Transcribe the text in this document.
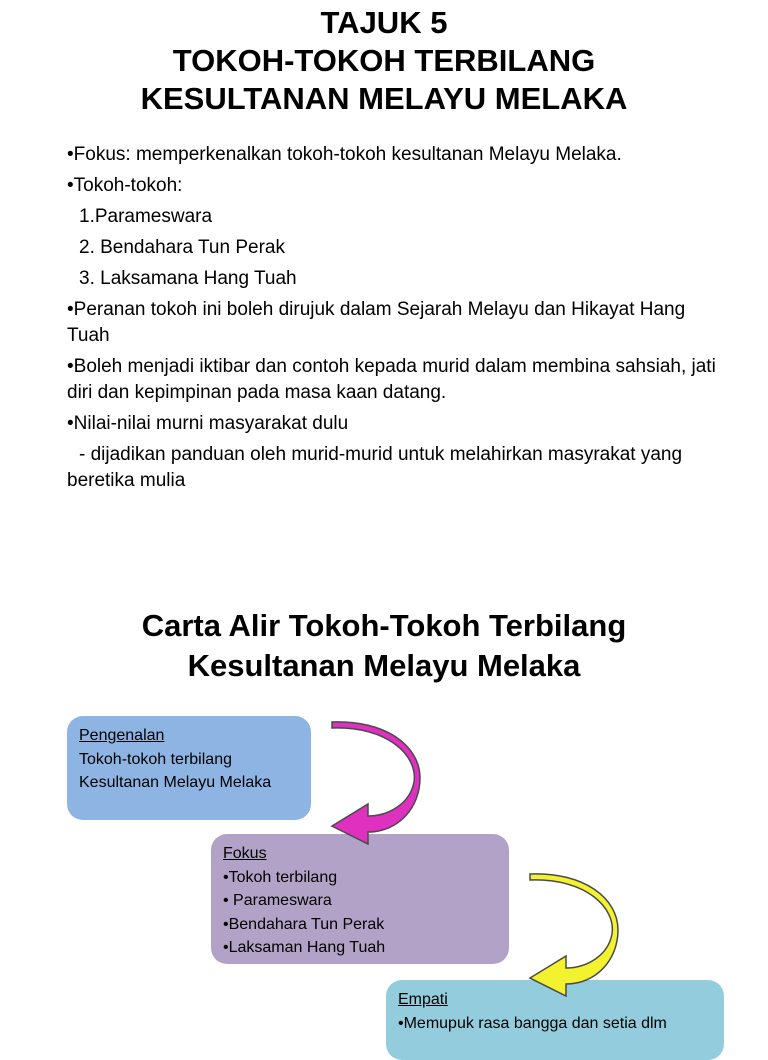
TAJUK 5
TOKOH-TOKOH TERBILANG
KESULTANAN MELAYU MELAKA

•Fokus: memperkenalkan tokoh-tokoh kesultanan Melayu Melaka.

•Tokoh-tokoh:

1.Parameswara

2. Bendahara Tun Perak

3. Laksamana Hang Tuah

•Peranan tokoh ini boleh dirujuk dalam Sejarah Melayu dan Hikayat Hang Tuah

•Boleh menjadi iktibar dan contoh kepada murid dalam membina sahsiah, jati diri dan kepimpinan pada masa kaan datang.

•Nilai-nilai murni masyarakat dulu

- dijadikan panduan oleh murid-murid untuk melahirkan masyrakat yang beretika mulia

Carta Alir Tokoh-Tokoh Terbilang
Kesultanan Melayu Melaka
Pengenalan
Tokoh-tokoh terbilang
Kesultanan Melayu Melaka
Fokus
•Tokoh terbilang
• Parameswara
•Bendahara Tun Perak
•Laksaman Hang Tuah
Empati
•Memupuk rasa bangga dan setia dlm
